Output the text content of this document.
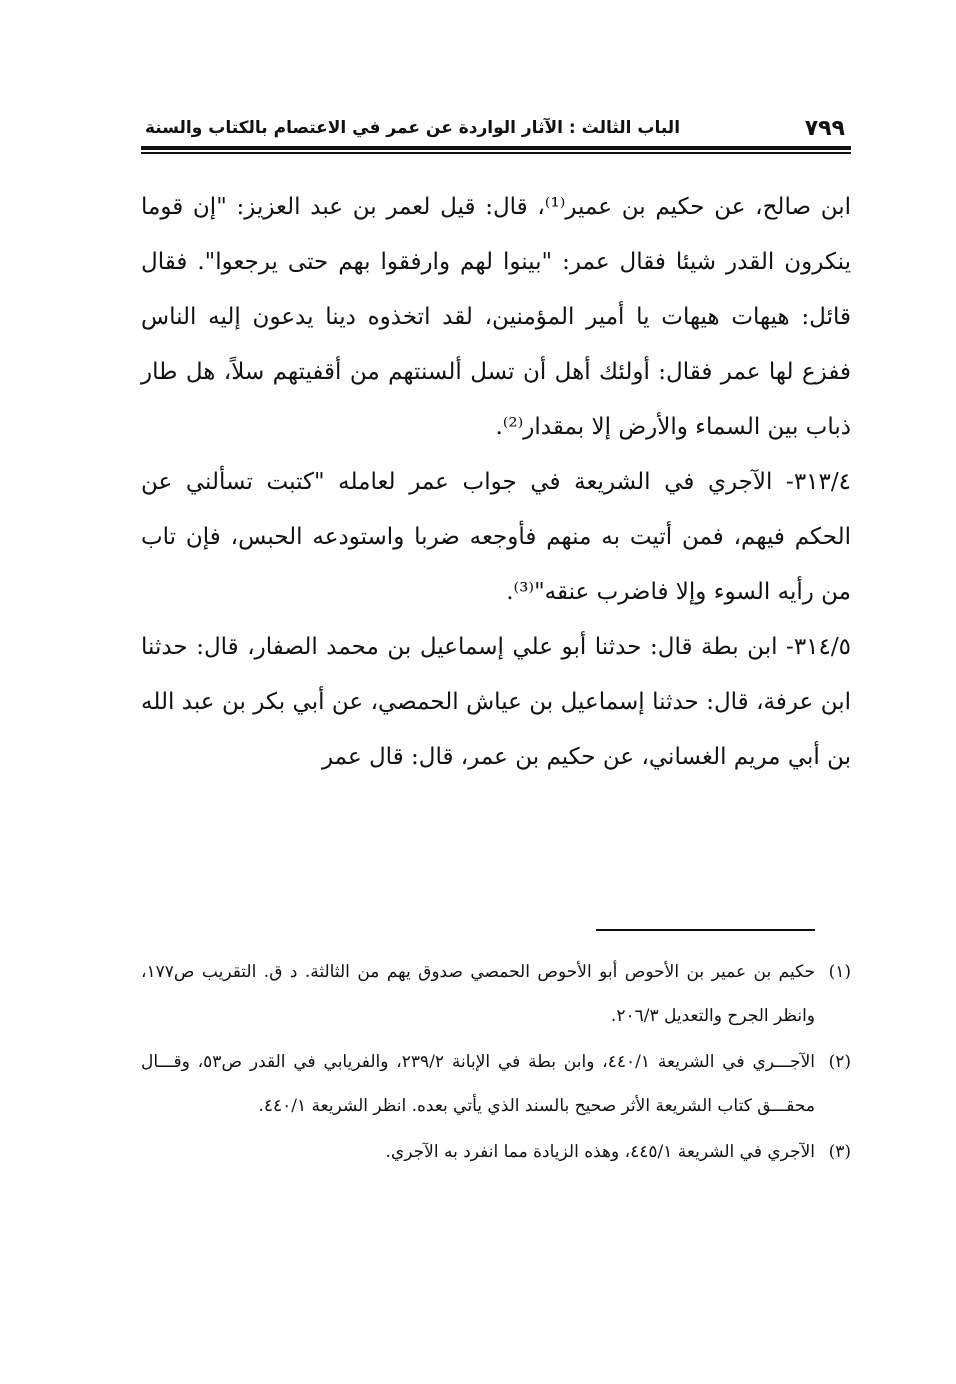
٧٩٩
الباب الثالث : الآثار الواردة عن عمر في الاعتصام بالكتاب والسنة

ابن صالح، عن حكيم بن عمير⁽¹⁾، قال: قيل لعمر بن عبد العزيز: "إن قوما ينكرون القدر شيئا فقال عمر: "بينوا لهم وارفقوا بهم حتى يرجعوا". فقال قائل: هيهات هيهات يا أمير المؤمنين، لقد اتخذوه دينا يدعون إليه الناس ففزع لها عمر فقال: أولئك أهل أن تسل ألسنتهم من أقفيتهم سلاً، هل طار ذباب بين السماء والأرض إلا بمقدار⁽²⁾.

٣١٣/٤- الآجري في الشريعة في جواب عمر لعامله "كتبت تسألني عن الحكم فيهم، فمن أتيت به منهم فأوجعه ضربا واستودعه الحبس، فإن تاب من رأيه السوء وإلا فاضرب عنقه"⁽³⁾.

٣١٤/٥- ابن بطة قال: حدثنا أبو علي إسماعيل بن محمد الصفار، قال: حدثنا ابن عرفة، قال: حدثنا إسماعيل بن عياش الحمصي، عن أبي بكر بن عبد الله بن أبي مريم الغساني، عن حكيم بن عمر، قال: قال عمر

(١)
حكيم بن عمير بن الأحوص أبو الأحوص الحمصي صدوق يهم من الثالثة. د ق. التقريب ص١٧٧، وانظر الجرح والتعديل ٢٠٦/٣.
(٢)
الآجـــري في الشريعة ٤٤٠/١، وابن بطة في الإبانة ٢٣٩/٢، والفريابي في القدر ص٥٣، وقـــال محقـــق كتاب الشريعة الأثر صحيح بالسند الذي يأتي بعده. انظر الشريعة ٤٤٠/١.
(٣)
الآجري في الشريعة ٤٤٥/١، وهذه الزيادة مما انفرد به الآجري.
